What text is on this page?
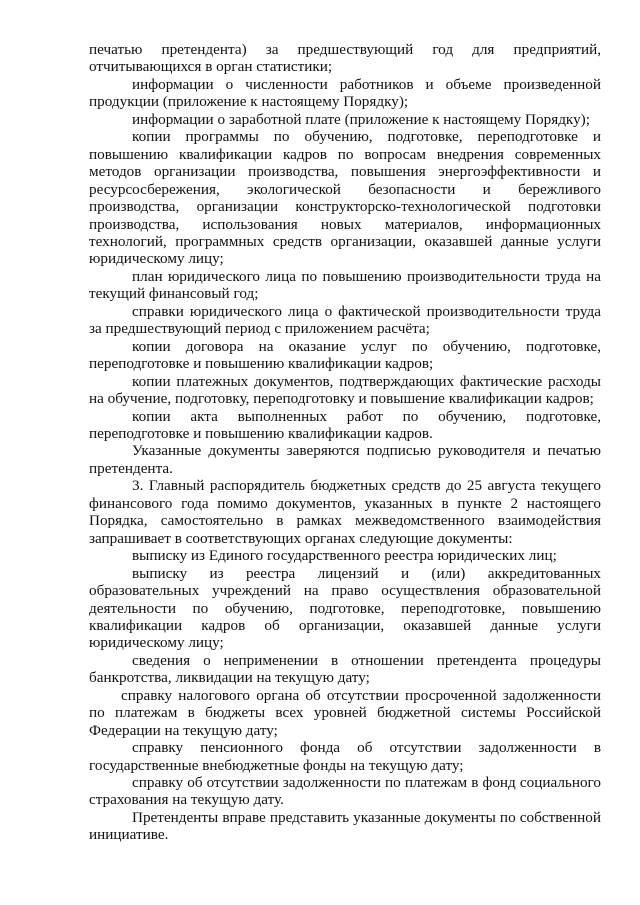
печатью претендента) за предшествующий год для предприятий, отчитывающихся в орган статистики;

информации о численности работников и объеме произведенной продукции (приложение к настоящему Порядку);

информации о заработной плате (приложение к настоящему Порядку);

копии программы по обучению, подготовке, переподготовке и повышению квалификации кадров по вопросам внедрения современных методов организации производства, повышения энергоэффективности и ресурсосбережения, экологической безопасности и бережливого производства, организации конструкторско-технологической подготовки производства, использования новых материалов, информационных технологий, программных средств организации, оказавшей данные услуги юридическому лицу;

план юридического лица по повышению производительности труда на текущий финансовый год;

справки юридического лица о фактической производительности труда за предшествующий период с приложением расчёта;

копии договора на оказание услуг по обучению, подготовке, переподготовке и повышению квалификации кадров;

копии платежных документов, подтверждающих фактические расходы на обучение, подготовку, переподготовку и повышение квалификации кадров;

копии акта выполненных работ по обучению, подготовке, переподготовке и повышению квалификации кадров.

Указанные документы заверяются подписью руководителя и печатью претендента.

3. Главный распорядитель бюджетных средств до 25 августа текущего финансового года помимо документов, указанных в пункте 2 настоящего Порядка, самостоятельно в рамках межведомственного взаимодействия запрашивает в соответствующих органах следующие документы:

выписку из Единого государственного реестра юридических лиц;

выписку из реестра лицензий и (или) аккредитованных образовательных учреждений на право осуществления образовательной деятельности по обучению, подготовке, переподготовке, повышению квалификации кадров об организации, оказавшей данные услуги юридическому лицу;

сведения о неприменении в отношении претендента процедуры банкротства, ликвидации на текущую дату;

справку налогового органа об отсутствии просроченной задолженности по платежам в бюджеты всех уровней бюджетной системы Российской Федерации на текущую дату;

справку пенсионного фонда об отсутствии задолженности в государственные внебюджетные фонды на текущую дату;

справку об отсутствии задолженности по платежам в фонд социального страхования на текущую дату.

Претенденты вправе представить указанные документы по собственной инициативе.
